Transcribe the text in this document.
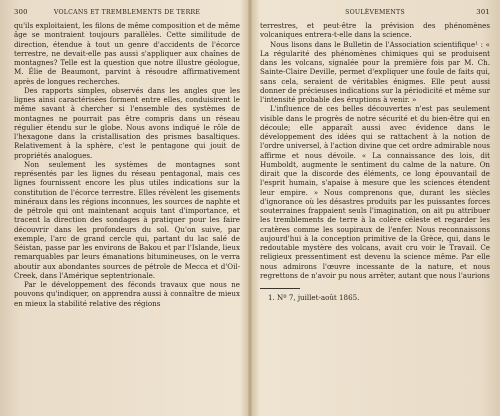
300	VOLCANS ET TREMBLEMENTS DE TERRE

qu'ils exploitaient, les filons de même composition et de même âge se montraient toujours parallèles. Cette similitude de direction, étendue à tout un genre d'accidents de l'écorce terrestre, ne devait-elle pas aussi s'appliquer aux chaînes de montagnes? Telle est la question que notre illustre géologue, M. Élie de Beaumont, parvint à résoudre affirmativement après de longues recherches.

Des rapports simples, observés dans les angles que les lignes ainsi caractérisées forment entre elles, conduisirent le même savant à chercher si l'ensemble des systèmes de montagnes ne pourrait pas être compris dans un réseau régulier étendu sur le globe. Nous avons indiqué le rôle de l'hexagone dans la cristallisation des prismes basaltiques. Relativement à la sphère, c'est le pentagone qui jouit de propriétés analogues.

Non seulement les systèmes de montagnes sont représentés par les lignes du réseau pentagonal, mais ces lignes fournissent encore les plus utiles indications sur la constitution de l'écorce terrestre. Elles révèlent les gisements minéraux dans les régions inconnues, les sources de naphte et de pétrole qui ont maintenant acquis tant d'importance, et tracent la direction des sondages à pratiquer pour les faire découvrir dans les profondeurs du sol. Qu'on suive, par exemple, l'arc de grand cercle qui, partant du lac salé de Séistan, passe par les environs de Bakou et par l'Islande, lieux remarquables par leurs émanations bitumineuses, on le verra aboutir aux abondantes sources de pétrole de Mecca et d'Oil-Creek, dans l'Amérique septentrionale.

Par le développement des féconds travaux que nous ne pouvons qu'indiquer, on apprendra aussi à connaître de mieux en mieux la stabilité relative des régions

SOULÈVEMENTS	301

terrestres, et peut-être la prévision des phénomènes volcaniques entrera-t-elle dans la science.

Nous lisons dans le Bulletin de l'Association scientifique¹ : « La régularité des phénomènes chimiques qui se produisent dans les volcans, signalée pour la première fois par M. Ch. Sainte-Claire Deville, permet d'expliquer une foule de faits qui, sans cela, seraient de véritables énigmes. Elle peut aussi donner de précieuses indications sur la périodicité et même sur l'intensité probable des éruptions à venir. »

L'influence de ces belles découvertes n'est pas seulement visible dans le progrès de notre sécurité et du bien-être qui en découle; elle apparaît aussi avec évidence dans le développement des idées qui se rattachent à la notion de l'ordre universel, à l'action divine que cet ordre admirable nous affirme et nous dévoile. « La connaissance des lois, dit Humboldt, augmente le sentiment du calme de la nature. On dirait que la discorde des éléments, ce long épouvantail de l'esprit humain, s'apaise à mesure que les sciences étendent leur empire. » Nous comprenons que, durant les siècles d'ignorance où les désastres produits par les puissantes forces souterraines frappaient seuls l'imagination, on ait pu attribuer les tremblements de terre à la colère céleste et regarder les cratères comme les soupiraux de l'enfer. Nous reconnaissons aujourd'hui à la conception primitive de la Grèce, qui, dans le redoutable mystère des volcans, avait cru voir le Travail. Ce religieux pressentiment est devenu la science même. Par elle nous admirons l'œuvre incessante de la nature, et nous regrettons de n'avoir pu nous arrêter, autant que nous l'aurions

1. Nº 7, juillet-août 1865.
